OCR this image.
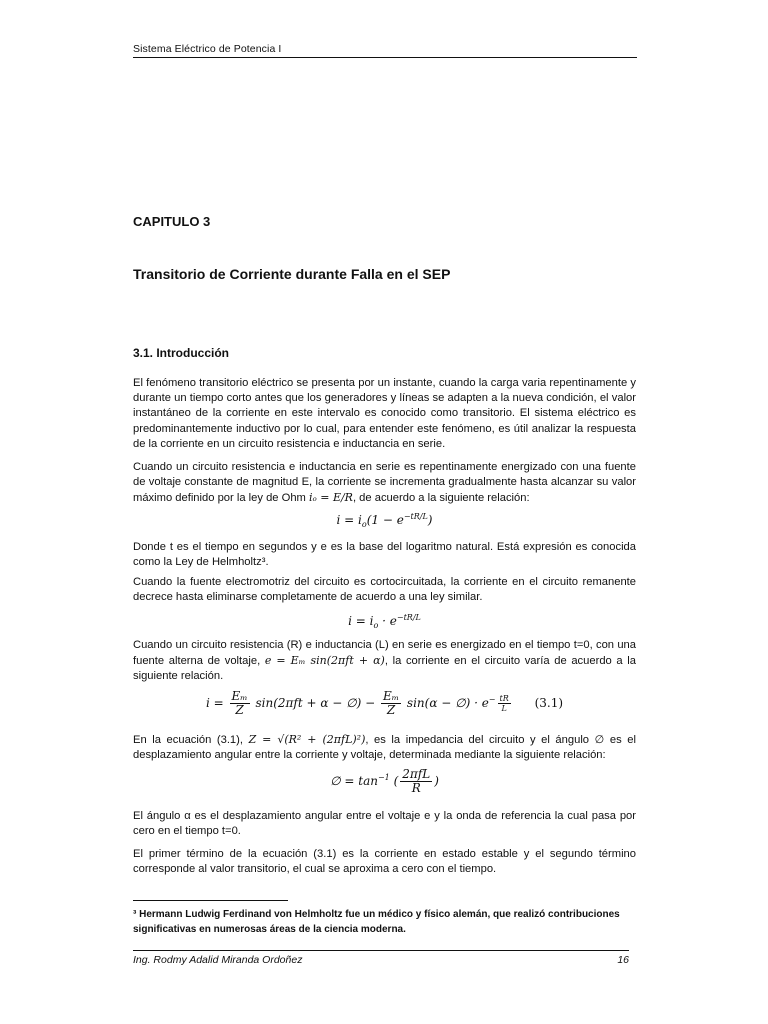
Sistema Eléctrico de Potencia I
CAPITULO 3
Transitorio de Corriente durante Falla en el SEP
3.1. Introducción

El fenómeno transitorio eléctrico se presenta por un instante, cuando la carga varia repentinamente y durante un tiempo corto antes que los generadores y líneas se adapten a la nueva condición, el valor instantáneo de la corriente en este intervalo es conocido como transitorio. El sistema eléctrico es predominantemente inductivo por lo cual, para entender este fenómeno, es útil analizar la respuesta de la corriente en un circuito resistencia e inductancia en serie.

Cuando un circuito resistencia e inductancia en serie es repentinamente energizado con una fuente de voltaje constante de magnitud E, la corriente se incrementa gradualmente hasta alcanzar su valor máximo definido por la ley de Ohm iₒ = E/R, de acuerdo a la siguiente relación:

$i = i_o(1 - e^{-tR/L})$

Donde t es el tiempo en segundos y e es la base del logaritmo natural. Está expresión es conocida como la Ley de Helmholtz³.

Cuando la fuente electromotriz del circuito es cortocircuitada, la corriente en el circuito remanente decrece hasta eliminarse completamente de acuerdo a una ley similar.

$i = i_o \cdot e^{-tR/L}$

Cuando un circuito resistencia (R) e inductancia (L) en serie es energizado en el tiempo t=0, con una fuente alterna de voltaje, e = Eₘ sin(2πft + α), la corriente en el circuito varía de acuerdo a la siguiente relación.

$i = \frac{\text{Eₘ}}{Z} \sin(2\pi ft + \alpha$ − ∅) − $\frac{\text{Eₘ}}{Z} \sin(\alpha$ − ∅) · $e^- \frac{tR}{L} (3.1)$

En la ecuación (3.1), Z = √(R² + (2πfL)²), es la impedancia del circuito y el ángulo ∅ es el desplazamiento angular entre la corriente y voltaje, determinada mediante la siguiente relación:

∅ = $\tan^{-1}$ ( $\frac{\text{2πfL}}{R}$ )

El ángulo α es el desplazamiento angular entre el voltaje e y la onda de referencia la cual pasa por cero en el tiempo t=0.

El primer término de la ecuación (3.1) es la corriente en estado estable y el segundo término corresponde al valor transitorio, el cual se aproxima a cero con el tiempo.

³ Hermann Ludwig Ferdinand von Helmholtz fue un médico y físico alemán, que realizó contribuciones significativas en numerosas áreas de la ciencia moderna.

Ing. Rodmy Adalid Miranda Ordoñez	16
